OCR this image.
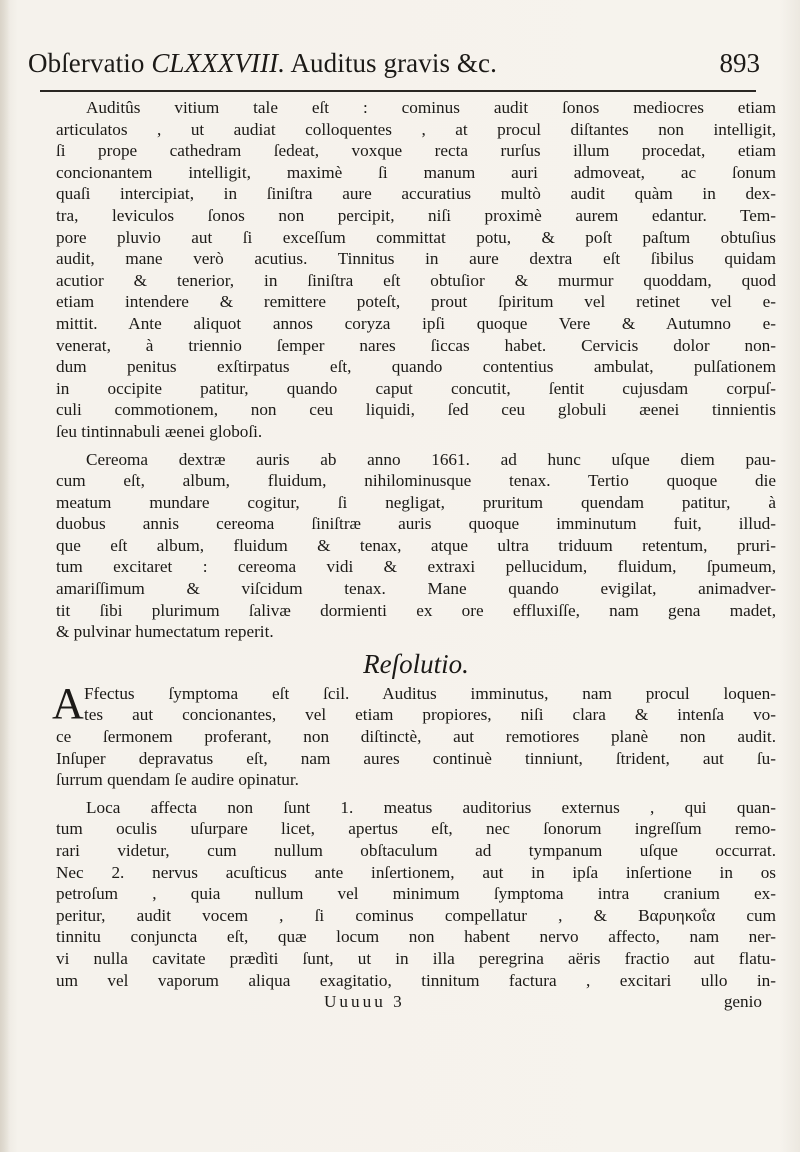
Obſervatio CLXXXVIII. Auditus gravis &c.	893
Auditûs vitium tale eſt : cominus audit ſonos mediocres etiam
articulatos , ut audiat colloquentes , at procul diſtantes non intelligit,
ſi prope cathedram ſedeat, voxque recta rurſus illum procedat, etiam
concionantem intelligit, maximè ſi manum auri admoveat, ac ſonum
quaſi intercipiat, in ſiniſtra aure accuratius multò audit quàm in dex-
tra, leviculos ſonos non percipit, niſi proximè aurem edantur. Tem-
pore pluvio aut ſi exceſſum committat potu, & poſt paſtum obtuſius
audit, mane verò acutius. Tinnitus in aure dextra eſt ſibilus quidam
acutior & tenerior, in ſiniſtra eſt obtuſior & murmur quoddam, quod
etiam intendere & remittere poteſt, prout ſpiritum vel retinet vel e-
mittit. Ante aliquot annos coryza ipſi quoque Vere & Autumno e-
venerat, à triennio ſemper nares ſiccas habet. Cervicis dolor non-
dum penitus exſtirpatus eſt, quando contentius ambulat, pulſationem
in occipite patitur, quando caput concutit, ſentit cujusdam corpuſ-
culi commotionem, non ceu liquidi, ſed ceu globuli æenei tinnientis
ſeu tintinnabuli æenei globoſi.
Cereoma dextræ auris ab anno 1661. ad hunc uſque diem pau-
cum eſt, album, fluidum, nihilominusque tenax. Tertio quoque die
meatum mundare cogitur, ſi negligat, pruritum quendam patitur, à
duobus annis cereoma ſiniſtræ auris quoque imminutum fuit, illud-
que eſt album, fluidum & tenax, atque ultra triduum retentum, pruri-
tum excitaret : cereoma vidi & extraxi pellucidum, fluidum, ſpumeum,
amariſſimum & viſcidum tenax. Mane quando evigilat, animadver-
tit ſibi plurimum ſalivæ dormienti ex ore effluxiſſe, nam gena madet,
& pulvinar humectatum reperit.
Reſolutio.
A Ffectus ſymptoma eſt ſcil. Auditus imminutus, nam procul loquen-
tes aut concionantes, vel etiam propiores, niſi clara & intenſa vo-
ce ſermonem proferant, non diſtinctè, aut remotiores planè non audit.
Inſuper depravatus eſt, nam aures continuè tinniunt, ſtrident, aut ſu-
ſurrum quendam ſe audire opinatur.
Loca affecta non ſunt 1. meatus auditorius externus , qui quan-
tum oculis uſurpare licet, apertus eſt, nec ſonorum ingreſſum remo-
rari videtur, cum nullum obſtaculum ad tympanum uſque occurrat.
Nec 2. nervus acuſticus ante inſertionem, aut in ipſa inſertione in os
petroſum , quia nullum vel minimum ſymptoma intra cranium ex-
peritur, audit vocem , ſi cominus compellatur , & Βαρυηκοΐα cum
tinnitu conjuncta eſt, quæ locum non habent nervo affecto, nam ner-
vi nulla cavitate prædìti ſunt, ut in illa peregrina aëris fractio aut flatu-
um vel vaporum aliqua exagitatio, tinnitum factura , excitari ullo in-
Uuuuu 3	genio
